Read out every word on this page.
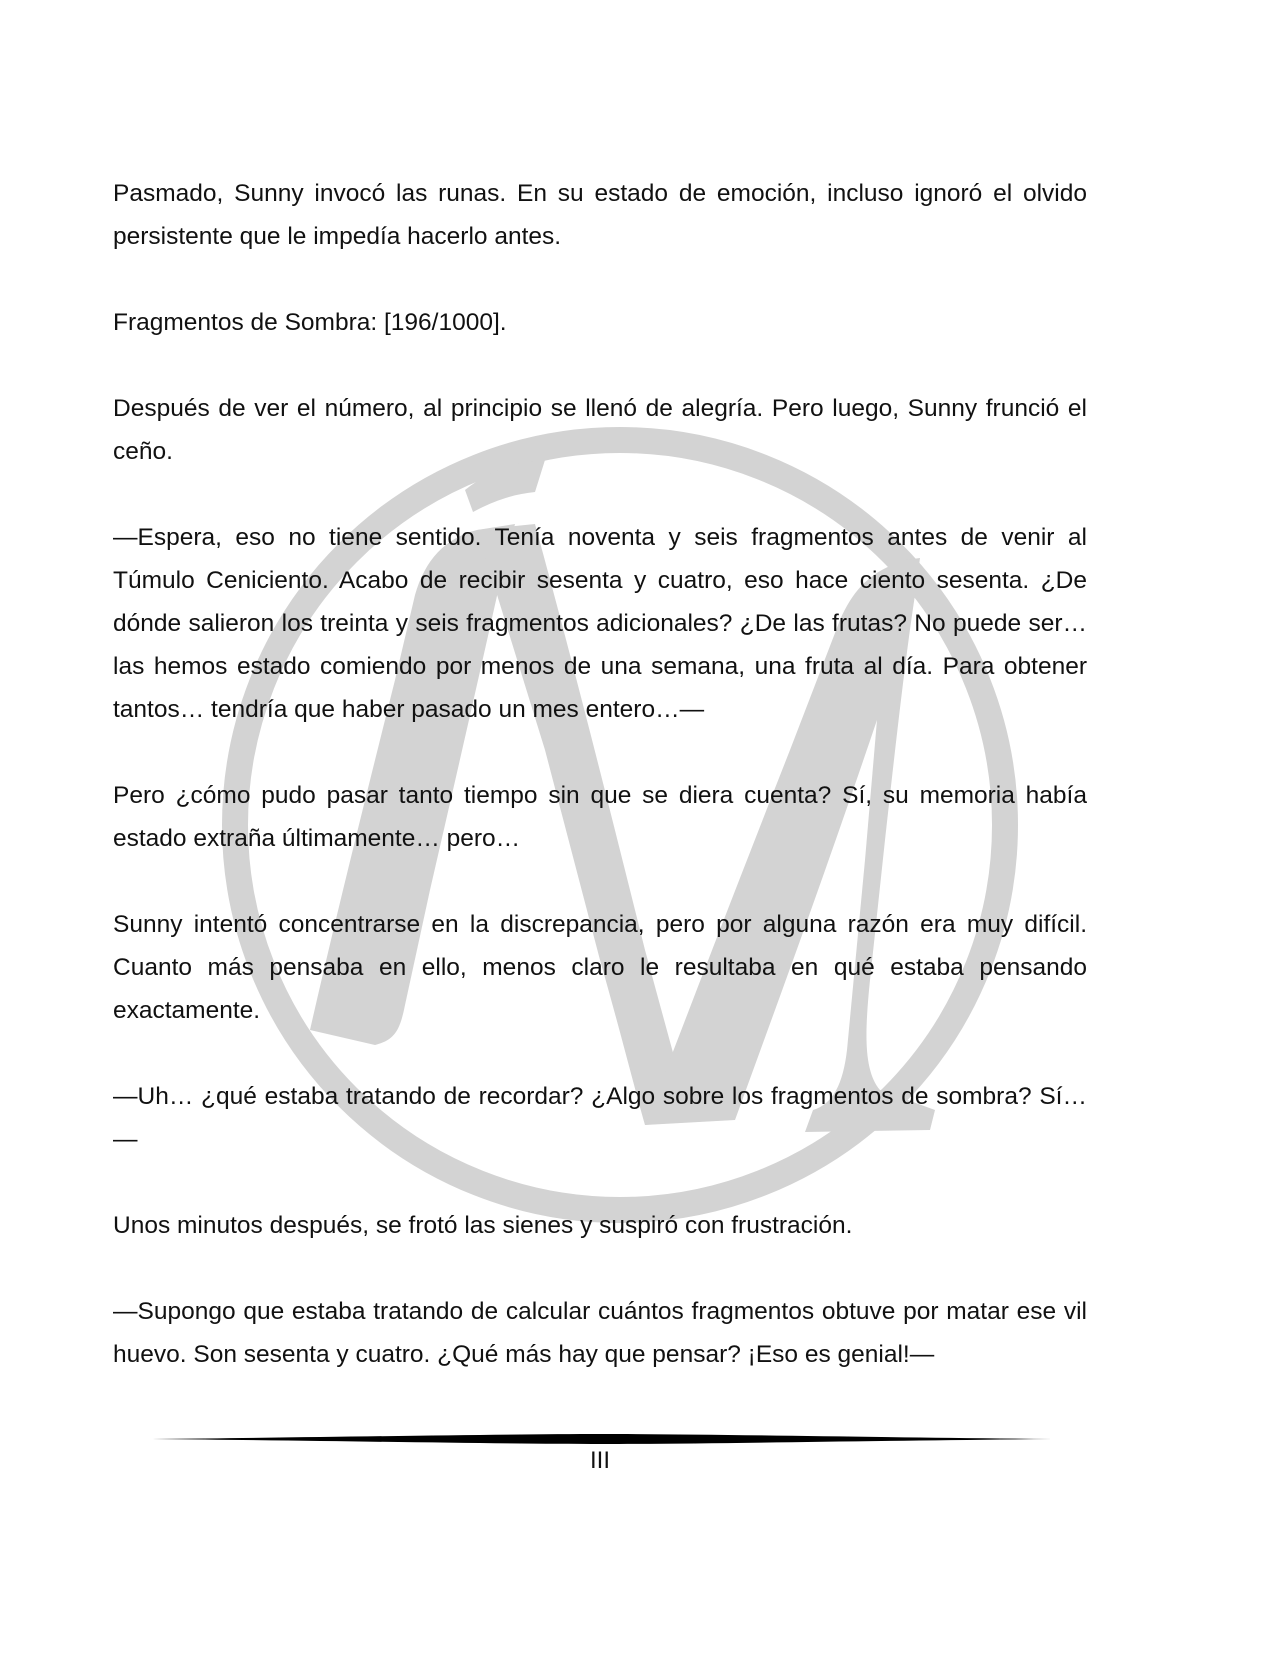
Pasmado, Sunny invocó las runas. En su estado de emoción, incluso ignoró el olvido persistente que le impedía hacerlo antes.

Fragmentos de Sombra: [196/1000].

Después de ver el número, al principio se llenó de alegría. Pero luego, Sunny frunció el ceño.

—Espera, eso no tiene sentido. Tenía noventa y seis fragmentos antes de venir al Túmulo Ceniciento. Acabo de recibir sesenta y cuatro, eso hace ciento sesenta. ¿De dónde salieron los treinta y seis fragmentos adicionales? ¿De las frutas? No puede ser… las hemos estado comiendo por menos de una semana, una fruta al día. Para obtener tantos… tendría que haber pasado un mes entero…—

Pero ¿cómo pudo pasar tanto tiempo sin que se diera cuenta? Sí, su memoria había estado extraña últimamente… pero…

Sunny intentó concentrarse en la discrepancia, pero por alguna razón era muy difícil. Cuanto más pensaba en ello, menos claro le resultaba en qué estaba pensando exactamente.

—Uh… ¿qué estaba tratando de recordar? ¿Algo sobre los fragmentos de sombra? Sí…—

Unos minutos después, se frotó las sienes y suspiró con frustración.

—Supongo que estaba tratando de calcular cuántos fragmentos obtuve por matar ese vil huevo. Son sesenta y cuatro. ¿Qué más hay que pensar? ¡Eso es genial!—

III
